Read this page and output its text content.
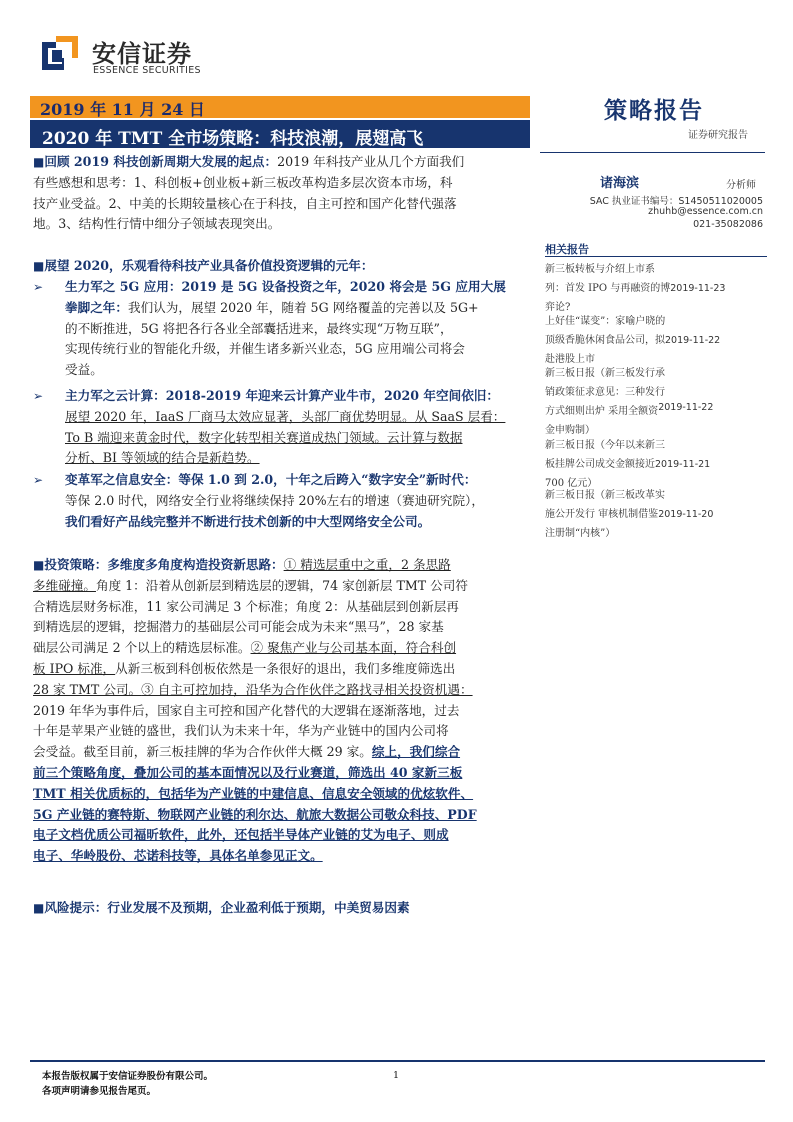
安信证券
ESSENCE SECURITIES
2019 年 11 月 24 日
2020 年 TMT 全市场策略：科技浪潮，展翅高飞
策略报告
证券研究报告
诸海滨	分析师
SAC 执业证书编号：S1450511020005
zhuhb@essence.com.cn
021-35082086
相关报告
新三板转板与介绍上市系
列：首发 IPO 与再融资的博2019-11-23
弈论?
上好佳“谋变”：家喻户晓的
顶级香脆休闲食品公司，拟2019-11-22
赴港股上市
新三板日报（新三板发行承
销政策征求意见：三种发行
方式细则出炉 采用全额资2019-11-22
金申购制）
新三板日报（今年以来新三
板挂牌公司成交金额接近2019-11-21
700 亿元）
新三板日报（新三板改革实
施公开发行 审核机制借鉴2019-11-20
注册制“内核”）
■回顾 2019 科技创新周期大发展的起点：2019 年科技产业从几个方面我们
有些感想和思考：1、科创板+创业板+新三板改革构造多层次资本市场，科
技产业受益。2、中美的长期较量核心在于科技，自主可控和国产化替代强落
地。3、结构性行情中细分子领域表现突出。
■展望 2020，乐观看待科技产业具备价值投资逻辑的元年：
➢ 生力军之 5G 应用：2019 是 5G 设备投资之年，2020 将会是 5G 应用大展
拳脚之年：我们认为，展望 2020 年，随着 5G 网络覆盖的完善以及 5G+
的不断推进，5G 将把各行各业全部囊括进来，最终实现“万物互联”，
实现传统行业的智能化升级，并催生诸多新兴业态，5G 应用端公司将会
受益。
➢ 主力军之云计算：2018-2019 年迎来云计算产业牛市，2020 年空间依旧：
展望 2020 年，IaaS 厂商马太效应显著，头部厂商优势明显。从 SaaS 层看：
To B 端迎来黄金时代，数字化转型相关赛道成热门领域。云计算与数据
分析、BI 等领域的结合是新趋势。
➢ 变革军之信息安全：等保 1.0 到 2.0，十年之后跨入“数字安全”新时代：
等保 2.0 时代，网络安全行业将继续保持 20%左右的增速（赛迪研究院），
我们看好产品线完整并不断进行技术创新的中大型网络安全公司。
■投资策略：多维度多角度构造投资新思路：① 精选层重中之重，2 条思路
多维碰撞。角度 1：沿着从创新层到精选层的逻辑，74 家创新层 TMT 公司符
合精选层财务标准，11 家公司满足 3 个标准；角度 2：从基础层到创新层再
到精选层的逻辑，挖掘潜力的基础层公司可能会成为未来“黑马”，28 家基
础层公司满足 2 个以上的精选层标准。② 聚焦产业与公司基本面，符合科创
板 IPO 标准，从新三板到科创板依然是一条很好的退出，我们多维度筛选出
28 家 TMT 公司。③ 自主可控加持，沿华为合作伙伴之路找寻相关投资机遇：
2019 年华为事件后，国家自主可控和国产化替代的大逻辑在逐渐落地，过去
十年是苹果产业链的盛世，我们认为未来十年，华为产业链中的国内公司将
会受益。截至目前，新三板挂牌的华为合作伙伴大概 29 家。综上，我们综合
前三个策略角度，叠加公司的基本面情况以及行业赛道，筛选出 40 家新三板
TMT 相关优质标的，包括华为产业链的中建信息、信息安全领域的优炫软件、
5G 产业链的赛特斯、物联网产业链的利尔达、航旅大数据公司敬众科技、PDF
电子文档优质公司福昕软件，此外，还包括半导体产业链的艾为电子、则成
电子、华岭股份、芯诺科技等，具体名单参见正文。
■风险提示：行业发展不及预期，企业盈利低于预期，中美贸易因素
本报告版权属于安信证券股份有限公司。
各项声明请参见报告尾页。
1
